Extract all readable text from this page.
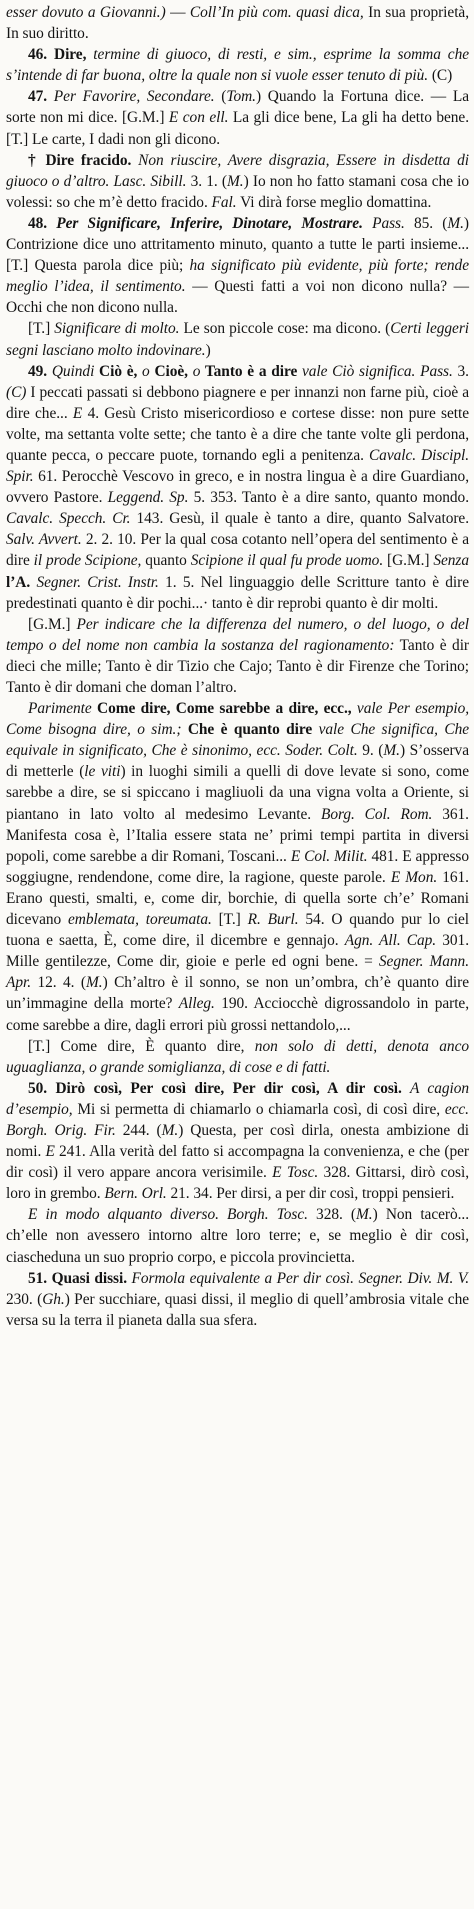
esser dovuto a Giovanni.) — Coll’In più com. quasi dica, In sua proprietà, In suo diritto.

46. Dire, termine di giuoco, di resti, e sim., esprime la somma che s’intende di far buona, oltre la quale non si vuole esser tenuto di più. (C)

47. Per Favorire, Secondare. (Tom.) Quando la Fortuna dice. — La sorte non mi dice. [G.M.] E con ell. La gli dice bene, La gli ha detto bene. [T.] Le carte, I dadi non gli dicono.

† Dire fracido. Non riuscire, Avere disgrazia, Essere in disdetta di giuoco o d’altro. Lasc. Sibill. 3. 1. (M.) Io non ho fatto stamani cosa che io volessi: so che m’è detto fracido. Fal. Vi dirà forse meglio domattina.

48. Per Significare, Inferire, Dinotare, Mostrare. Pass. 85. (M.) Contrizione dice uno attritamento minuto, quanto a tutte le parti insieme... [T.] Questa parola dice più; ha significato più evidente, più forte; rende meglio l’idea, il sentimento. — Questi fatti a voi non dicono nulla? — Occhi che non dicono nulla.

[T.] Significare di molto. Le son piccole cose: ma dicono. (Certi leggeri segni lasciano molto indovinare.)

49. Quindi Ciò è, o Cioè, o Tanto è a dire vale Ciò significa. Pass. 3. (C) I peccati passati si debbono piagnere e per innanzi non farne più, cioè a dire che... E 4. Gesù Cristo misericordioso e cortese disse: non pure sette volte, ma settanta volte sette; che tanto è a dire che tante volte gli perdona, quante pecca, o peccare puote, tornando egli a penitenza. Cavalc. Discipl. Spir. 61. Perocchè Vescovo in greco, e in nostra lingua è a dire Guardiano, ovvero Pastore. Leggend. Sp. 5. 353. Tanto è a dire santo, quanto mondo. Cavalc. Specch. Cr. 143. Gesù, il quale è tanto a dire, quanto Salvatore. Salv. Avvert. 2. 2. 10. Per la qual cosa cotanto nell’opera del sentimento è a dire il prode Scipione, quanto Scipione il qual fu prode uomo. [G.M.] Senza l’A. Segner. Crist. Instr. 1. 5. Nel linguaggio delle Scritture tanto è dire predestinati quanto è dir pochi...· tanto è dir reprobi quanto è dir molti.

[G.M.] Per indicare che la differenza del numero, o del luogo, o del tempo o del nome non cambia la sostanza del ragionamento: Tanto è dir dieci che mille; Tanto è dir Tizio che Cajo; Tanto è dir Firenze che Torino; Tanto è dir domani che doman l’altro.

Parimente Come dire, Come sarebbe a dire, ecc., vale Per esempio, Come bisogna dire, o sim.; Che è quanto dire vale Che significa, Che equivale in significato, Che è sinonimo, ecc. Soder. Colt. 9. (M.) S’osserva di metterle (le viti) in luoghi simili a quelli di dove levate si sono, come sarebbe a dire, se si spiccano i magliuoli da una vigna volta a Oriente, si piantano in lato volto al medesimo Levante. Borg. Col. Rom. 361. Manifesta cosa è, l’Italia essere stata ne’ primi tempi partita in diversi popoli, come sarebbe a dir Romani, Toscani... E Col. Milit. 481. E appresso soggiugne, rendendone, come dire, la ragione, queste parole. E Mon. 161. Erano questi, smalti, e, come dir, borchie, di quella sorte ch’e’ Romani dicevano emblemata, toreumata. [T.] R. Burl. 54. O quando pur lo ciel tuona e saetta, È, come dire, il dicembre e gennajo. Agn. All. Cap. 301. Mille gentilezze, Come dir, gioie e perle ed ogni bene. = Segner. Mann. Apr. 12. 4. (M.) Ch’altro è il sonno, se non un’ombra, ch’è quanto dire un’immagine della morte? Alleg. 190. Acciocchè digrossandolo in parte, come sarebbe a dire, dagli errori più grossi nettandolo,...

[T.] Come dire, È quanto dire, non solo di detti, denota anco uguaglianza, o grande somiglianza, di cose e di fatti.

50. Dirò così, Per così dire, Per dir così, A dir così. A cagion d’esempio, Mi si permetta di chiamarlo o chiamarla così, di così dire, ecc. Borgh. Orig. Fir. 244. (M.) Questa, per così dirla, onesta ambizione di nomi. E 241. Alla verità del fatto si accompagna la convenienza, e che (per dir così) il vero appare ancora verisimile. E Tosc. 328. Gittarsi, dirò così, loro in grembo. Bern. Orl. 21. 34. Per dirsi, a per dir così, troppi pensieri.

E in modo alquanto diverso. Borgh. Tosc. 328. (M.) Non tacerò... ch’elle non avessero intorno altre loro terre; e, se meglio è dir così, ciascheduna un suo proprio corpo, e piccola provincietta.

51. Quasi dissi. Formola equivalente a Per dir così. Segner. Div. M. V. 230. (Gh.) Per succhiare, quasi dissi, il meglio di quell’ambrosia vitale che versa su la terra il pianeta dalla sua sfera.
